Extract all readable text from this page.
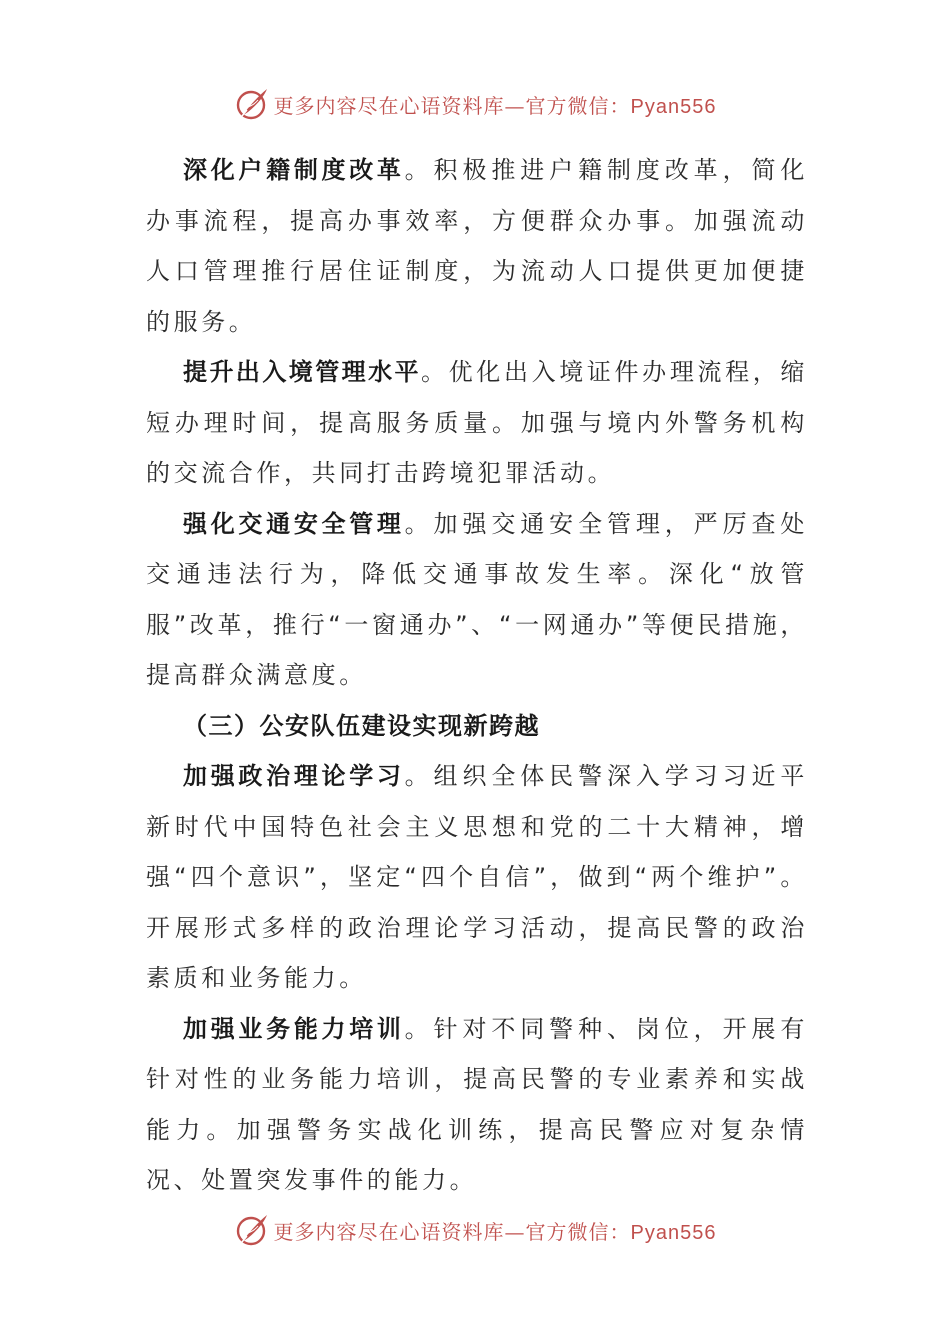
更多内容尽在心语资料库—官方微信：Pyan556

深化户籍制度改革。积极推进户籍制度改革，简化办事流程，提高办事效率，方便群众办事。加强流动人口管理推行居住证制度，为流动人口提供更加便捷的服务。

提升出入境管理水平。优化出入境证件办理流程，缩短办理时间，提高服务质量。加强与境内外警务机构的交流合作，共同打击跨境犯罪活动。

强化交通安全管理。加强交通安全管理，严厉查处交通违法行为，降低交通事故发生率。深化“放管服”改革，推行“一窗通办”、“一网通办”等便民措施，提高群众满意度。

（三）公安队伍建设实现新跨越

加强政治理论学习。组织全体民警深入学习习近平新时代中国特色社会主义思想和党的二十大精神，增强“四个意识”，坚定“四个自信”，做到“两个维护”。开展形式多样的政治理论学习活动，提高民警的政治素质和业务能力。

加强业务能力培训。针对不同警种、岗位，开展有针对性的业务能力培训，提高民警的专业素养和实战能力。加强警务实战化训练，提高民警应对复杂情况、处置突发事件的能力。

更多内容尽在心语资料库—官方微信：Pyan556
